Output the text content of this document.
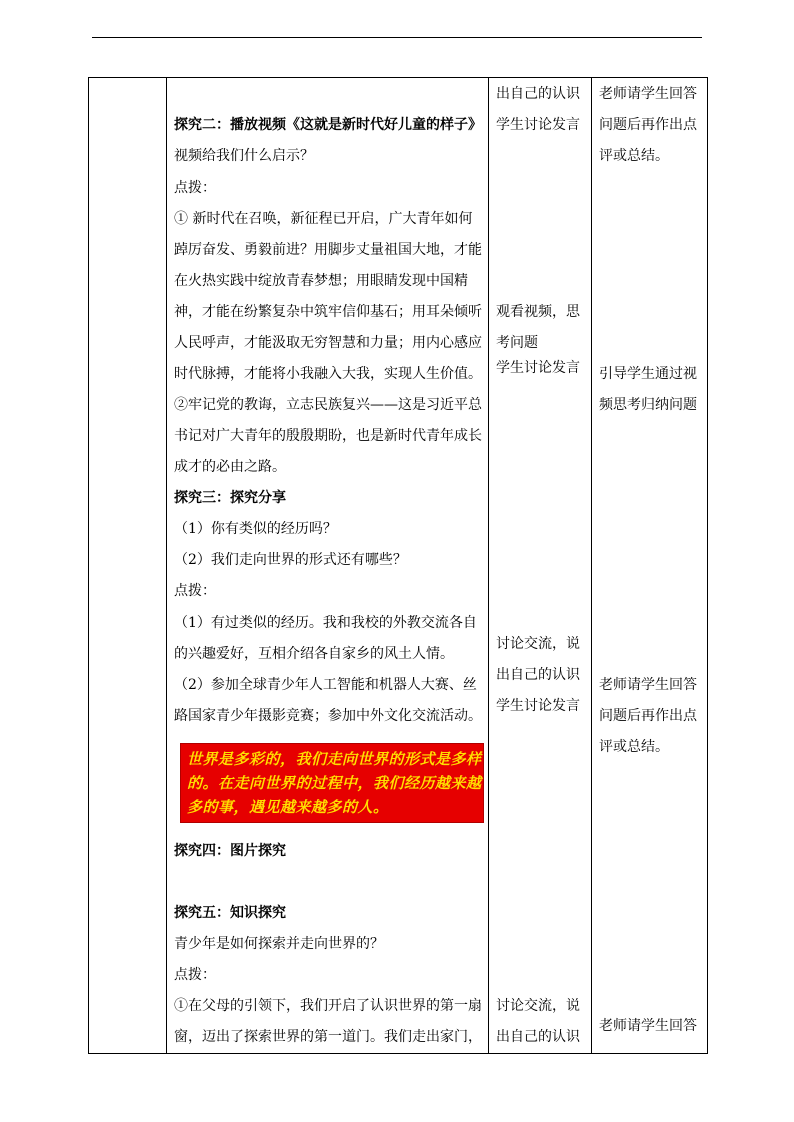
探究二：播放视频《这就是新时代好儿童的样子》
视频给我们什么启示？
点拨：
① 新时代在召唤，新征程已开启，广大青年如何
踔厉奋发、勇毅前进？用脚步丈量祖国大地，才能
在火热实践中绽放青春梦想；用眼睛发现中国精
神，才能在纷繁复杂中筑牢信仰基石；用耳朵倾听
人民呼声，才能汲取无穷智慧和力量；用内心感应
时代脉搏，才能将小我融入大我，实现人生价值。
②牢记党的教诲，立志民族复兴——这是习近平总
书记对广大青年的殷殷期盼，也是新时代青年成长
成才的必由之路。
探究三：探究分享
（1）你有类似的经历吗？
（2）我们走向世界的形式还有哪些？
点拨：
（1）有过类似的经历。我和我校的外教交流各自
的兴趣爱好，互相介绍各自家乡的风土人情。
（2）参加全球青少年人工智能和机器人大赛、丝
路国家青少年摄影竞赛；参加中外文化交流活动。
世界是多彩的，我们走向世界的形式是多样
的。在走向世界的过程中，我们经历越来越
多的事，遇见越来越多的人。
探究四：图片探究
探究五：知识探究
青少年是如何探索并走向世界的？
点拨：
①在父母的引领下，我们开启了认识世界的第一扇
窗，迈出了探索世界的第一道门。我们走出家门，
出自己的认识
学生讨论发言
观看视频，思
考问题
学生讨论发言
讨论交流，说
出自己的认识
学生讨论发言
讨论交流，说
出自己的认识
老师请学生回答
问题后再作出点
评或总结。
引导学生通过视
频思考归纳问题
老师请学生回答
问题后再作出点
评或总结。
老师请学生回答
